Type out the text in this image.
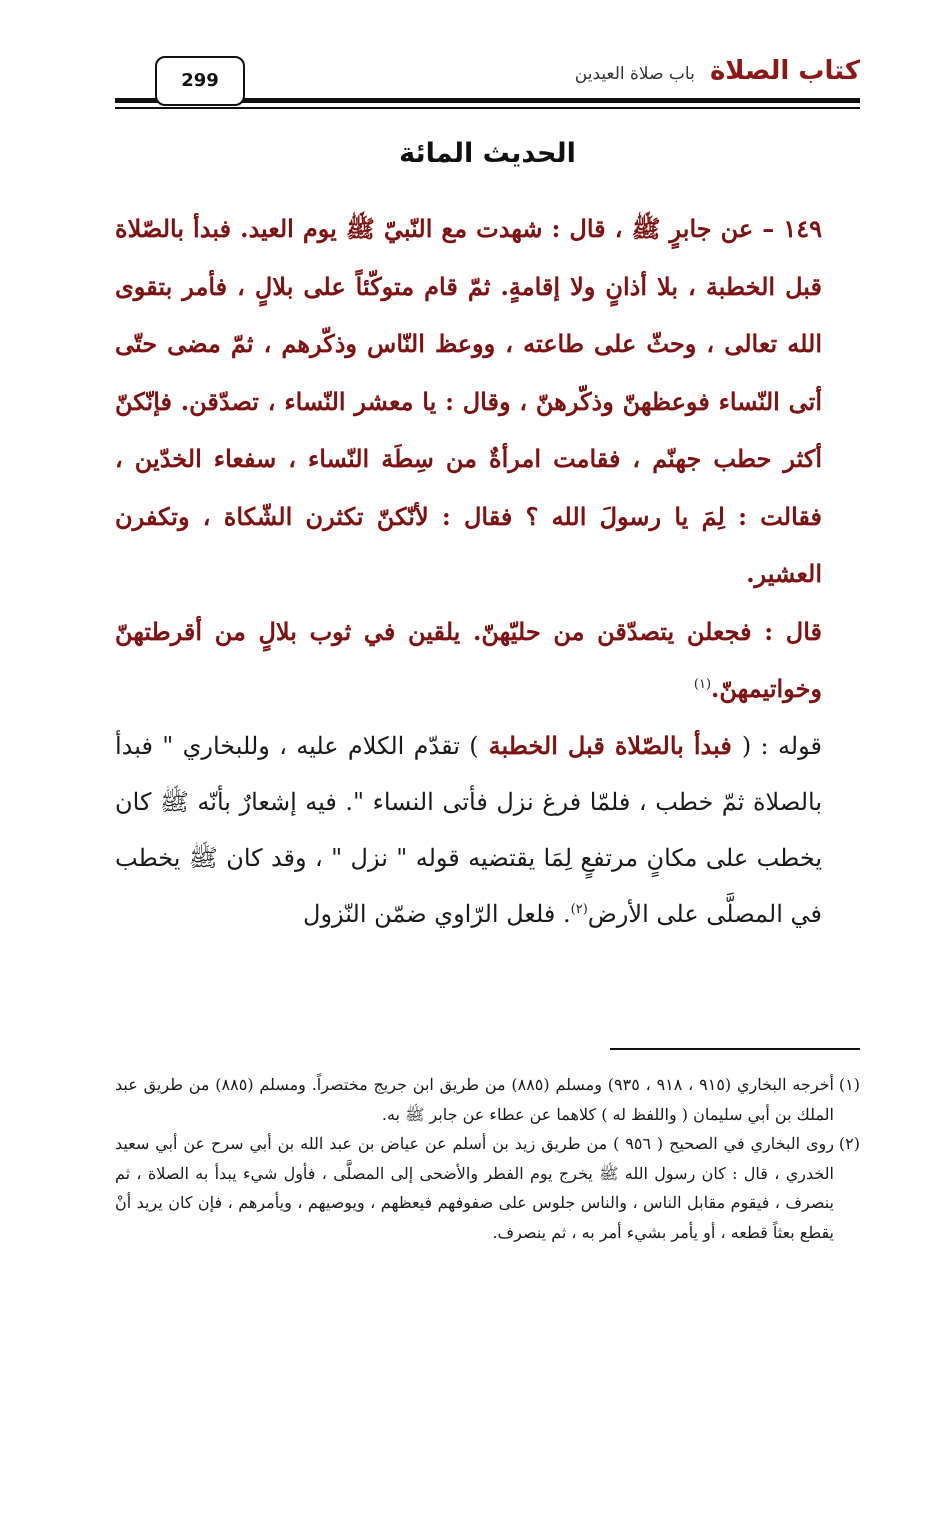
كتاب الصلاة باب صلاة العيدين
299
الحديث المائة

١٤٩ – عن جابرٍ ﷺ ، قال : شهدت مع النّبيّ ﷺ يوم العيد. فبدأ بالصّلاة قبل الخطبة ، بلا أذانٍ ولا إقامةٍ. ثمّ قام متوكّئاً على بلالٍ ، فأمر بتقوى الله تعالى ، وحثّ على طاعته ، ووعظ النّاس وذكّرهم ، ثمّ مضى حتّى أتى النّساء فوعظهنّ وذكّرهنّ ، وقال : يا معشر النّساء ، تصدّقن. فإنّكنّ أكثر حطب جهنّم ، فقامت امرأةٌ من سِطَة النّساء ، سفعاء الخدّين ، فقالت : لِمَ يا رسولَ الله ؟ فقال : لأنّكنّ تكثرن الشّكاة ، وتكفرن العشير.

قال : فجعلن يتصدّقن من حليّهنّ. يلقين في ثوب بلالٍ من أقرطتهنّ وخواتيمهنّ.$^{(١)}$

قوله : ( فبدأ بالصّلاة قبل الخطبة ) تقدّم الكلام عليه ، وللبخاري " فبدأ بالصلاة ثمّ خطب ، فلمّا فرغ نزل فأتى النساء ". فيه إشعارٌ بأنّه ﷺ كان يخطب على مكانٍ مرتفعٍ لِمَا يقتضيه قوله " نزل " ، وقد كان ﷺ يخطب في المصلَّى على الأرض$^{(٢)}$. فلعل الرّاوي ضمّن النّزول

(١)
أخرجه البخاري (٩١٥ ، ٩١٨ ، ٩٣٥) ومسلم (٨٨٥) من طريق ابن جريج مختصراً. ومسلم (٨٨٥) من طريق عبد الملك بن أبي سليمان ( واللفظ له ) كلاهما عن عطاء عن جابر ﷺ به.

(٢)
روى البخاري في الصحيح ( ٩٥٦ ) من طريق زيد بن أسلم عن عياض بن عبد الله بن أبي سرح عن أبي سعيد الخدري ، قال : كان رسول الله ﷺ يخرج يوم الفطر والأضحى إلى المصلَّى ، فأول شيء يبدأ به الصلاة ، ثم ينصرف ، فيقوم مقابل الناس ، والناس جلوس على صفوفهم فيعظهم ، ويوصيهم ، ويأمرهم ، فإن كان يريد أنْ يقطع بعثاً قطعه ، أو يأمر بشيء أمر به ، ثم ينصرف.
